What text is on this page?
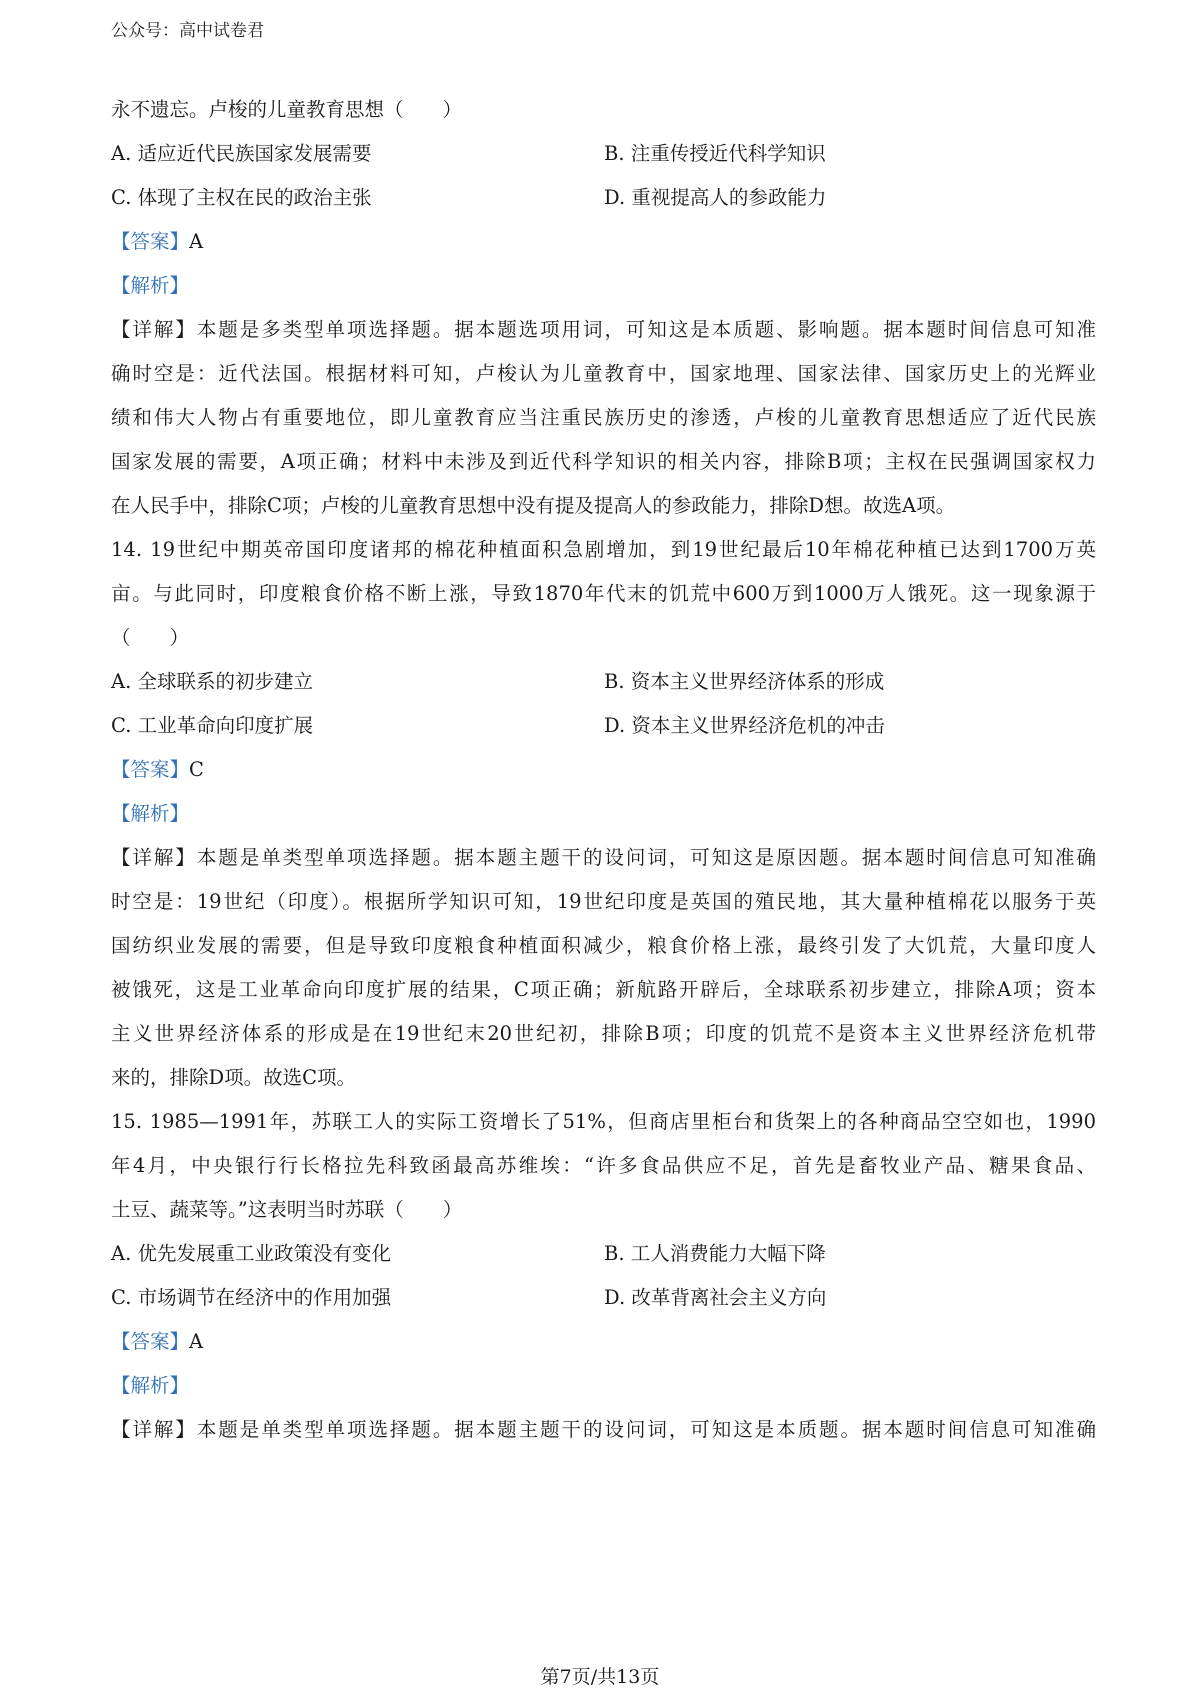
公众号：高中试卷君
永不遗忘。卢梭的儿童教育思想（　　）
A. 适应近代民族国家发展需要	B. 注重传授近代科学知识
C. 体现了主权在民的政治主张	D. 重视提高人的参政能力
【答案】A
【解析】
【详解】本题是多类型单项选择题。据本题选项用词，可知这是本质题、影响题。据本题时间信息可知准
确时空是：近代法国。根据材料可知，卢梭认为儿童教育中，国家地理、国家法律、国家历史上的光辉业
绩和伟大人物占有重要地位，即儿童教育应当注重民族历史的渗透，卢梭的儿童教育思想适应了近代民族
国家发展的需要，A项正确；材料中未涉及到近代科学知识的相关内容，排除B项；主权在民强调国家权力
在人民手中，排除C项；卢梭的儿童教育思想中没有提及提高人的参政能力，排除D想。故选A项。
14. 19世纪中期英帝国印度诸邦的棉花种植面积急剧增加，到19世纪最后10年棉花种植已达到1700万英
亩。与此同时，印度粮食价格不断上涨，导致1870年代末的饥荒中600万到1000万人饿死。这一现象源于
（　　）
A. 全球联系的初步建立	B. 资本主义世界经济体系的形成
C. 工业革命向印度扩展	D. 资本主义世界经济危机的冲击
【答案】C
【解析】
【详解】本题是单类型单项选择题。据本题主题干的设问词，可知这是原因题。据本题时间信息可知准确
时空是：19世纪（印度）。根据所学知识可知，19世纪印度是英国的殖民地，其大量种植棉花以服务于英
国纺织业发展的需要，但是导致印度粮食种植面积减少，粮食价格上涨，最终引发了大饥荒，大量印度人
被饿死，这是工业革命向印度扩展的结果，C项正确；新航路开辟后，全球联系初步建立，排除A项；资本
主义世界经济体系的形成是在19世纪末20世纪初，排除B项；印度的饥荒不是资本主义世界经济危机带
来的，排除D项。故选C项。
15. 1985—1991年，苏联工人的实际工资增长了51%，但商店里柜台和货架上的各种商品空空如也，1990
年4月，中央银行行长格拉先科致函最高苏维埃：“许多食品供应不足，首先是畜牧业产品、糖果食品、
土豆、蔬菜等。”这表明当时苏联（　　）
A. 优先发展重工业政策没有变化	B. 工人消费能力大幅下降
C. 市场调节在经济中的作用加强	D. 改革背离社会主义方向
【答案】A
【解析】
【详解】本题是单类型单项选择题。据本题主题干的设问词，可知这是本质题。据本题时间信息可知准确
第7页/共13页
